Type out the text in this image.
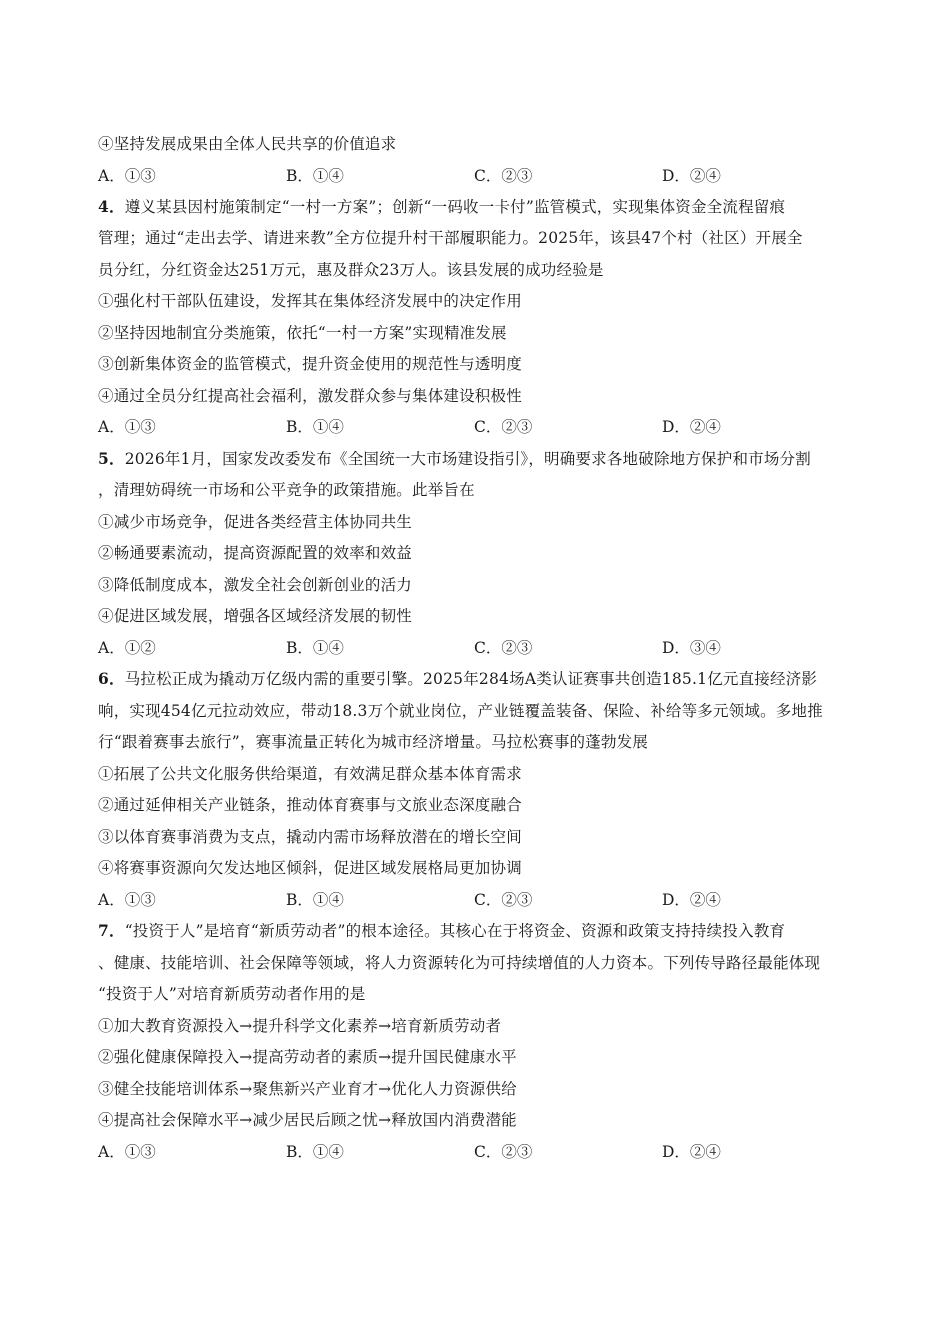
④坚持发展成果由全体人民共享的价值追求
A．①③	B．①④	C．②③	D．②④
4．遵义某县因村施策制定“一村一方案”；创新“一码收一卡付”监管模式，实现集体资金全流程留痕
管理；通过“走出去学、请进来教”全方位提升村干部履职能力。2025年，该县47个村（社区）开展全
员分红，分红资金达251万元，惠及群众23万人。该县发展的成功经验是
①强化村干部队伍建设，发挥其在集体经济发展中的决定作用
②坚持因地制宜分类施策，依托“一村一方案”实现精准发展
③创新集体资金的监管模式，提升资金使用的规范性与透明度
④通过全员分红提高社会福利，激发群众参与集体建设积极性
A．①③	B．①④	C．②③	D．②④
5．2026年1月，国家发改委发布《全国统一大市场建设指引》，明确要求各地破除地方保护和市场分割
，清理妨碍统一市场和公平竞争的政策措施。此举旨在
①减少市场竞争，促进各类经营主体协同共生
②畅通要素流动，提高资源配置的效率和效益
③降低制度成本，激发全社会创新创业的活力
④促进区域发展，增强各区域经济发展的韧性
A．①②	B．①④	C．②③	D．③④
6．马拉松正成为撬动万亿级内需的重要引擎。2025年284场A类认证赛事共创造185.1亿元直接经济影
响，实现454亿元拉动效应，带动18.3万个就业岗位，产业链覆盖装备、保险、补给等多元领域。多地推
行“跟着赛事去旅行”，赛事流量正转化为城市经济增量。马拉松赛事的蓬勃发展
①拓展了公共文化服务供给渠道，有效满足群众基本体育需求
②通过延伸相关产业链条，推动体育赛事与文旅业态深度融合
③以体育赛事消费为支点，撬动内需市场释放潜在的增长空间
④将赛事资源向欠发达地区倾斜，促进区域发展格局更加协调
A．①③	B．①④	C．②③	D．②④
7．“投资于人”是培育“新质劳动者”的根本途径。其核心在于将资金、资源和政策支持持续投入教育
、健康、技能培训、社会保障等领域，将人力资源转化为可持续增值的人力资本。下列传导路径最能体现
“投资于人”对培育新质劳动者作用的是
①加大教育资源投入→提升科学文化素养→培育新质劳动者
②强化健康保障投入→提高劳动者的素质→提升国民健康水平
③健全技能培训体系→聚焦新兴产业育才→优化人力资源供给
④提高社会保障水平→减少居民后顾之忧→释放国内消费潜能
A．①③	B．①④	C．②③	D．②④
